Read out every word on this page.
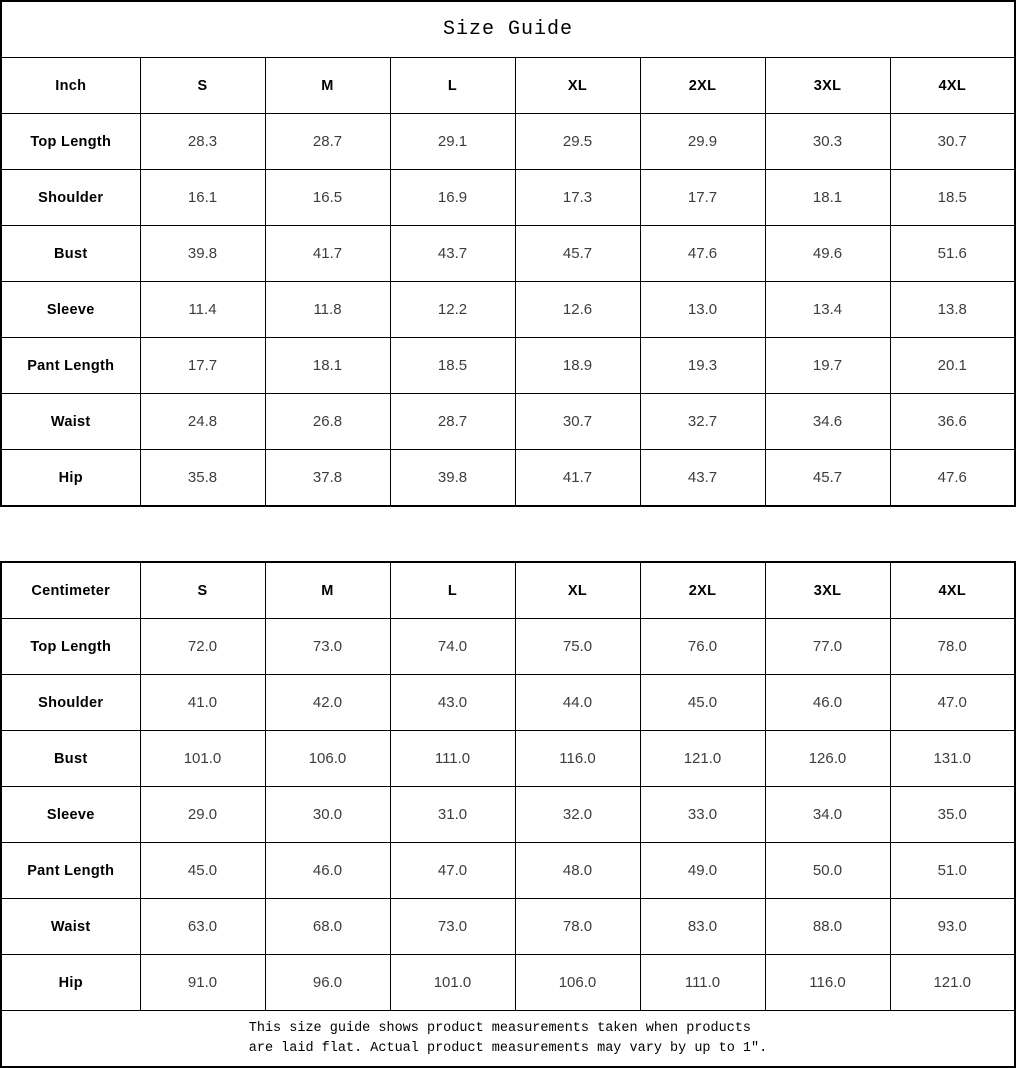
Size Guide							
Inch	S	M	L	XL	2XL	3XL	4XL
Top Length	28.3	28.7	29.1	29.5	29.9	30.3	30.7
Shoulder	16.1	16.5	16.9	17.3	17.7	18.1	18.5
Bust	39.8	41.7	43.7	45.7	47.6	49.6	51.6
Sleeve	11.4	11.8	12.2	12.6	13.0	13.4	13.8
Pant Length	17.7	18.1	18.5	18.9	19.3	19.7	20.1
Waist	24.8	26.8	28.7	30.7	32.7	34.6	36.6
Hip	35.8	37.8	39.8	41.7	43.7	45.7	47.6
Centimeter	S	M	L	XL	2XL	3XL	4XL
Top Length	72.0	73.0	74.0	75.0	76.0	77.0	78.0
Shoulder	41.0	42.0	43.0	44.0	45.0	46.0	47.0
Bust	101.0	106.0	111.0	116.0	121.0	126.0	131.0
Sleeve	29.0	30.0	31.0	32.0	33.0	34.0	35.0
Pant Length	45.0	46.0	47.0	48.0	49.0	50.0	51.0
Waist	63.0	68.0	73.0	78.0	83.0	88.0	93.0
Hip	91.0	96.0	101.0	106.0	111.0	116.0	121.0

This size guide shows product measurements taken when products
are laid flat. Actual product measurements may vary by up to 1″.							
